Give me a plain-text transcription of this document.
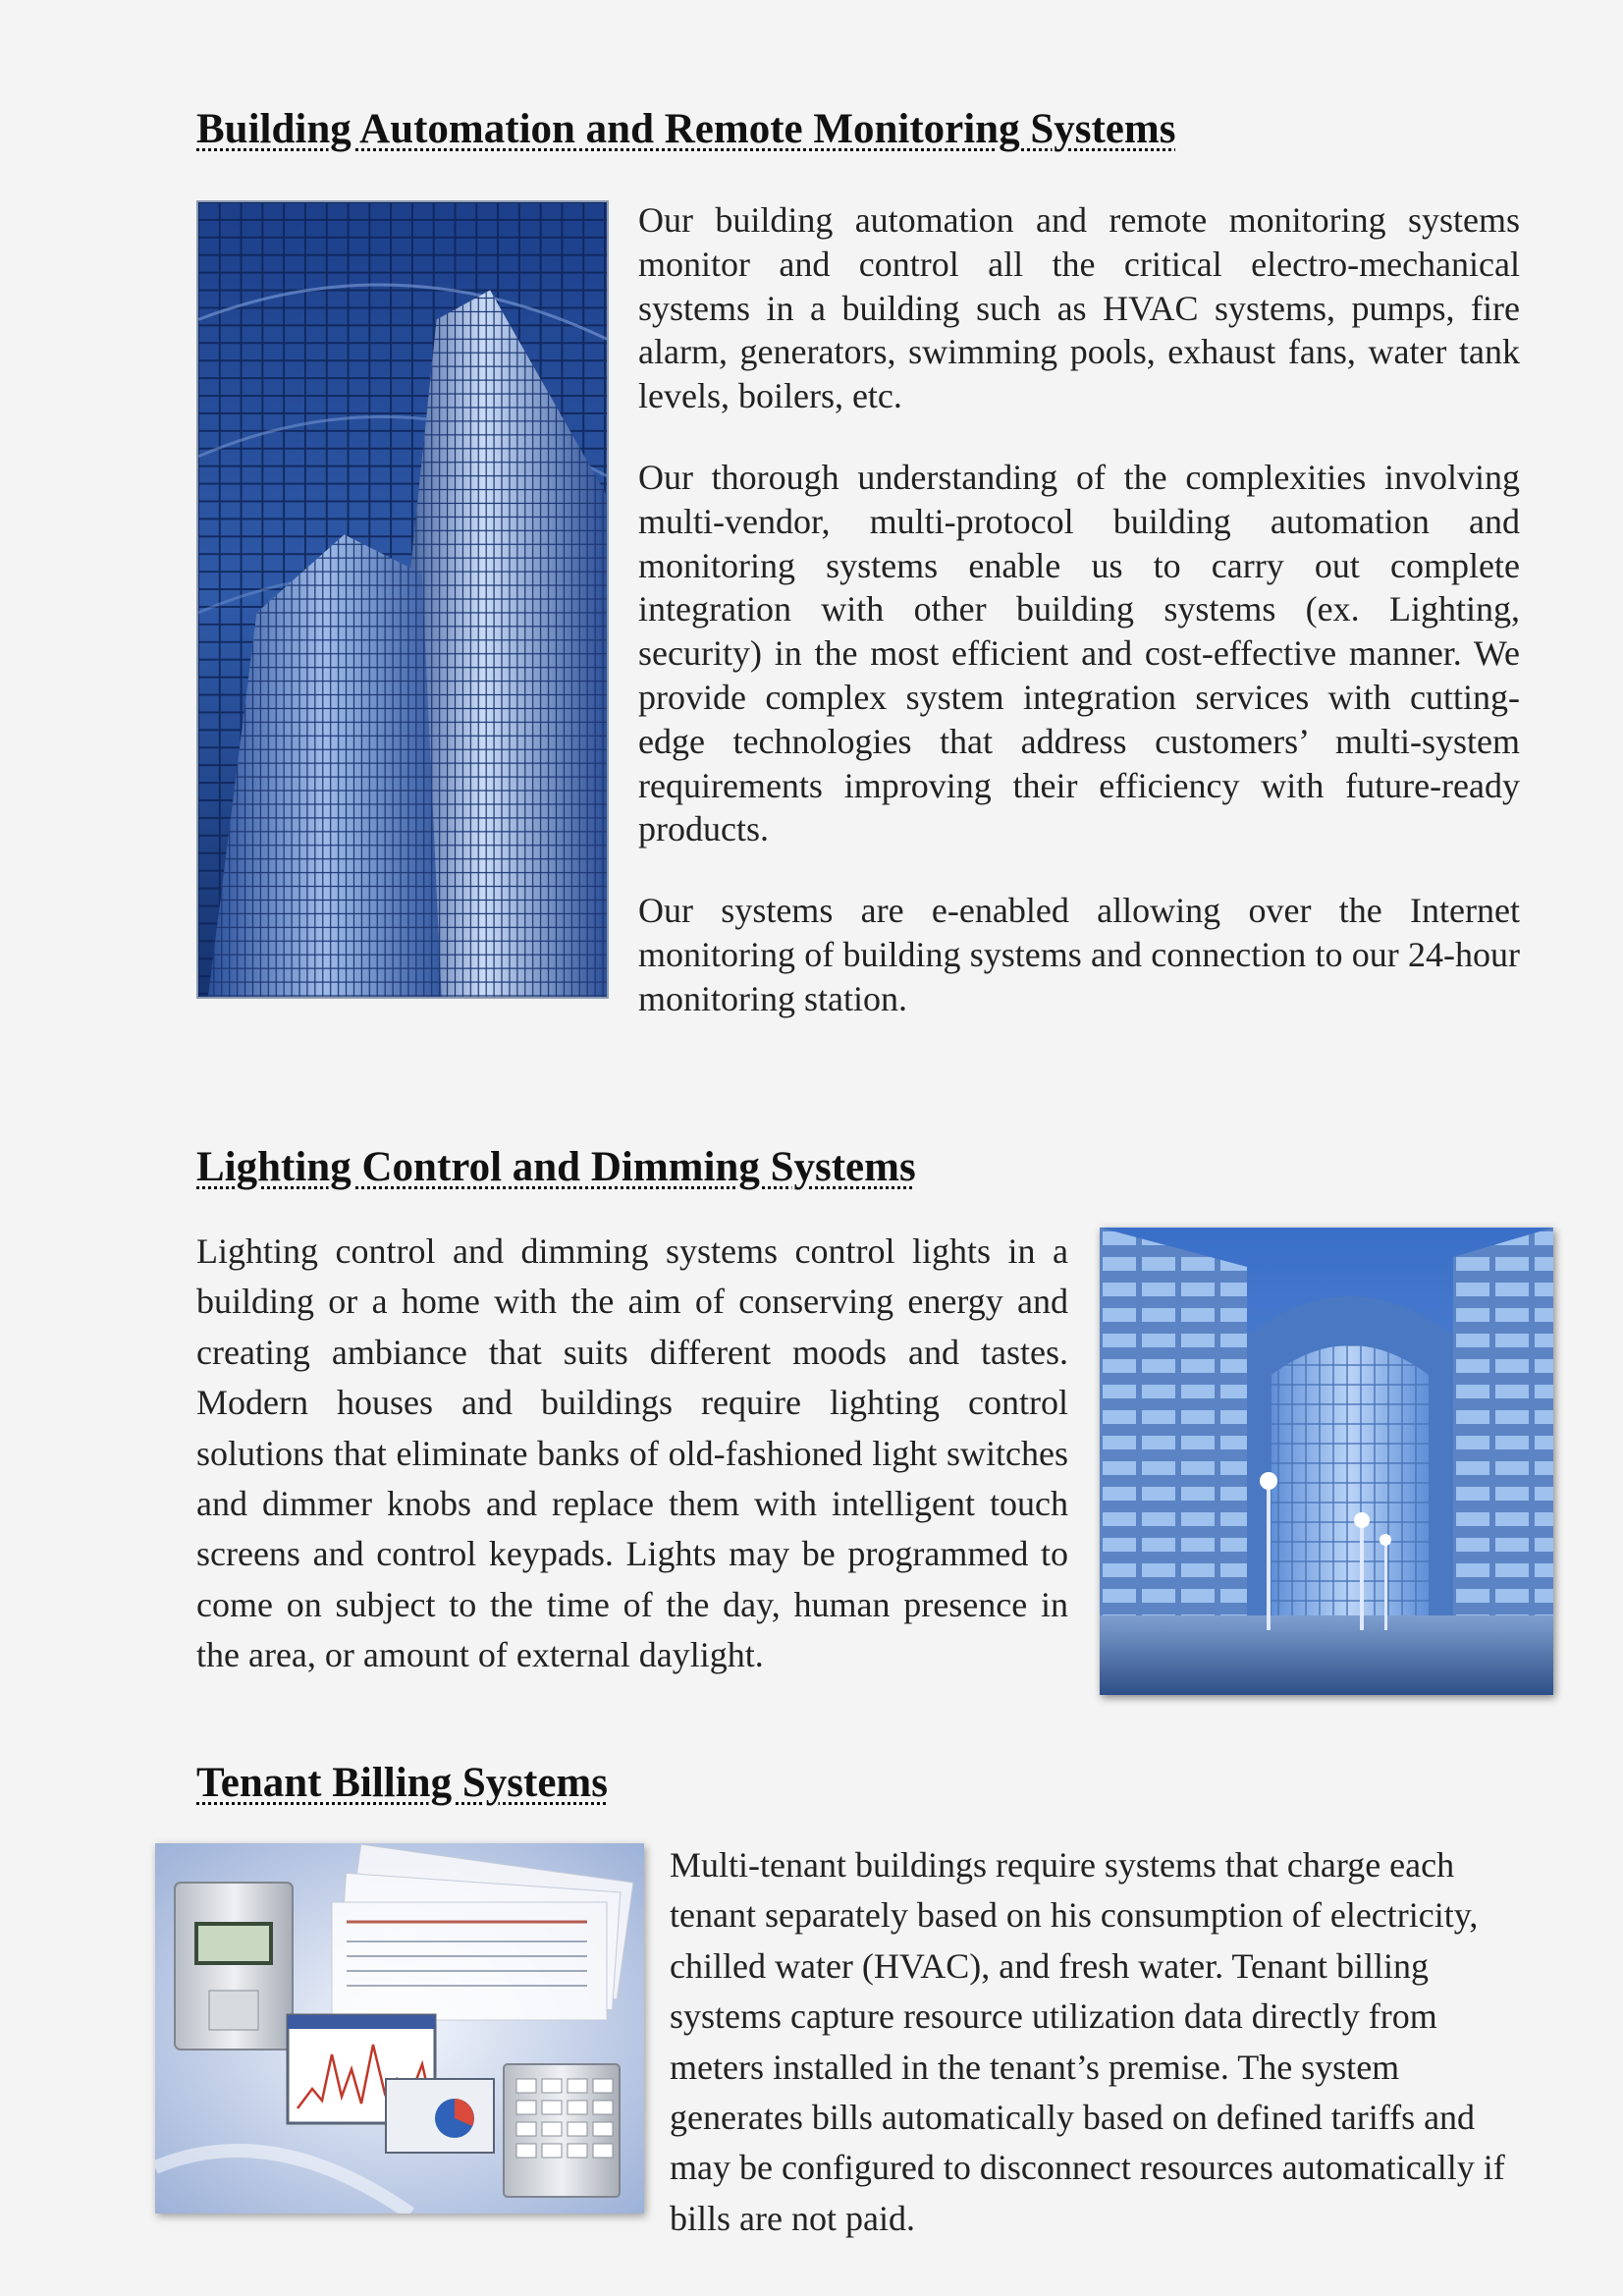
Building Automation and Remote Monitoring Systems

Our building automation and remote monitoring systems monitor and control all the critical electro-mechanical systems in a building such as HVAC systems, pumps, fire alarm, generators, swimming pools, exhaust fans, water tank levels, boilers, etc.

Our thorough understanding of the complexities involving multi-vendor, multi-protocol building automation and monitoring systems enable us to carry out complete integration with other building systems (ex. Lighting, security) in the most efficient and cost-effective manner. We provide complex system integration services with cutting-edge technologies that address customers’ multi-system requirements improving their efficiency with future-ready products.

Our systems are e-enabled allowing over the Internet monitoring of building systems and connection to our 24-hour monitoring station.

Lighting Control and Dimming Systems

Lighting control and dimming systems control lights in a building or a home with the aim of conserving energy and creating ambiance that suits different moods and tastes. Modern houses and buildings require lighting control solutions that eliminate banks of old-fashioned light switches and dimmer knobs and replace them with intelligent touch screens and control keypads. Lights may be programmed to come on subject to the time of the day, human presence in the area, or amount of external daylight.

Tenant Billing Systems

Multi-tenant buildings require systems that charge each tenant separately based on his consumption of electricity, chilled water (HVAC), and fresh water. Tenant billing systems capture resource utilization data directly from meters installed in the tenant’s premise. The system generates bills automatically based on defined tariffs and may be configured to disconnect resources automatically if bills are not paid.
